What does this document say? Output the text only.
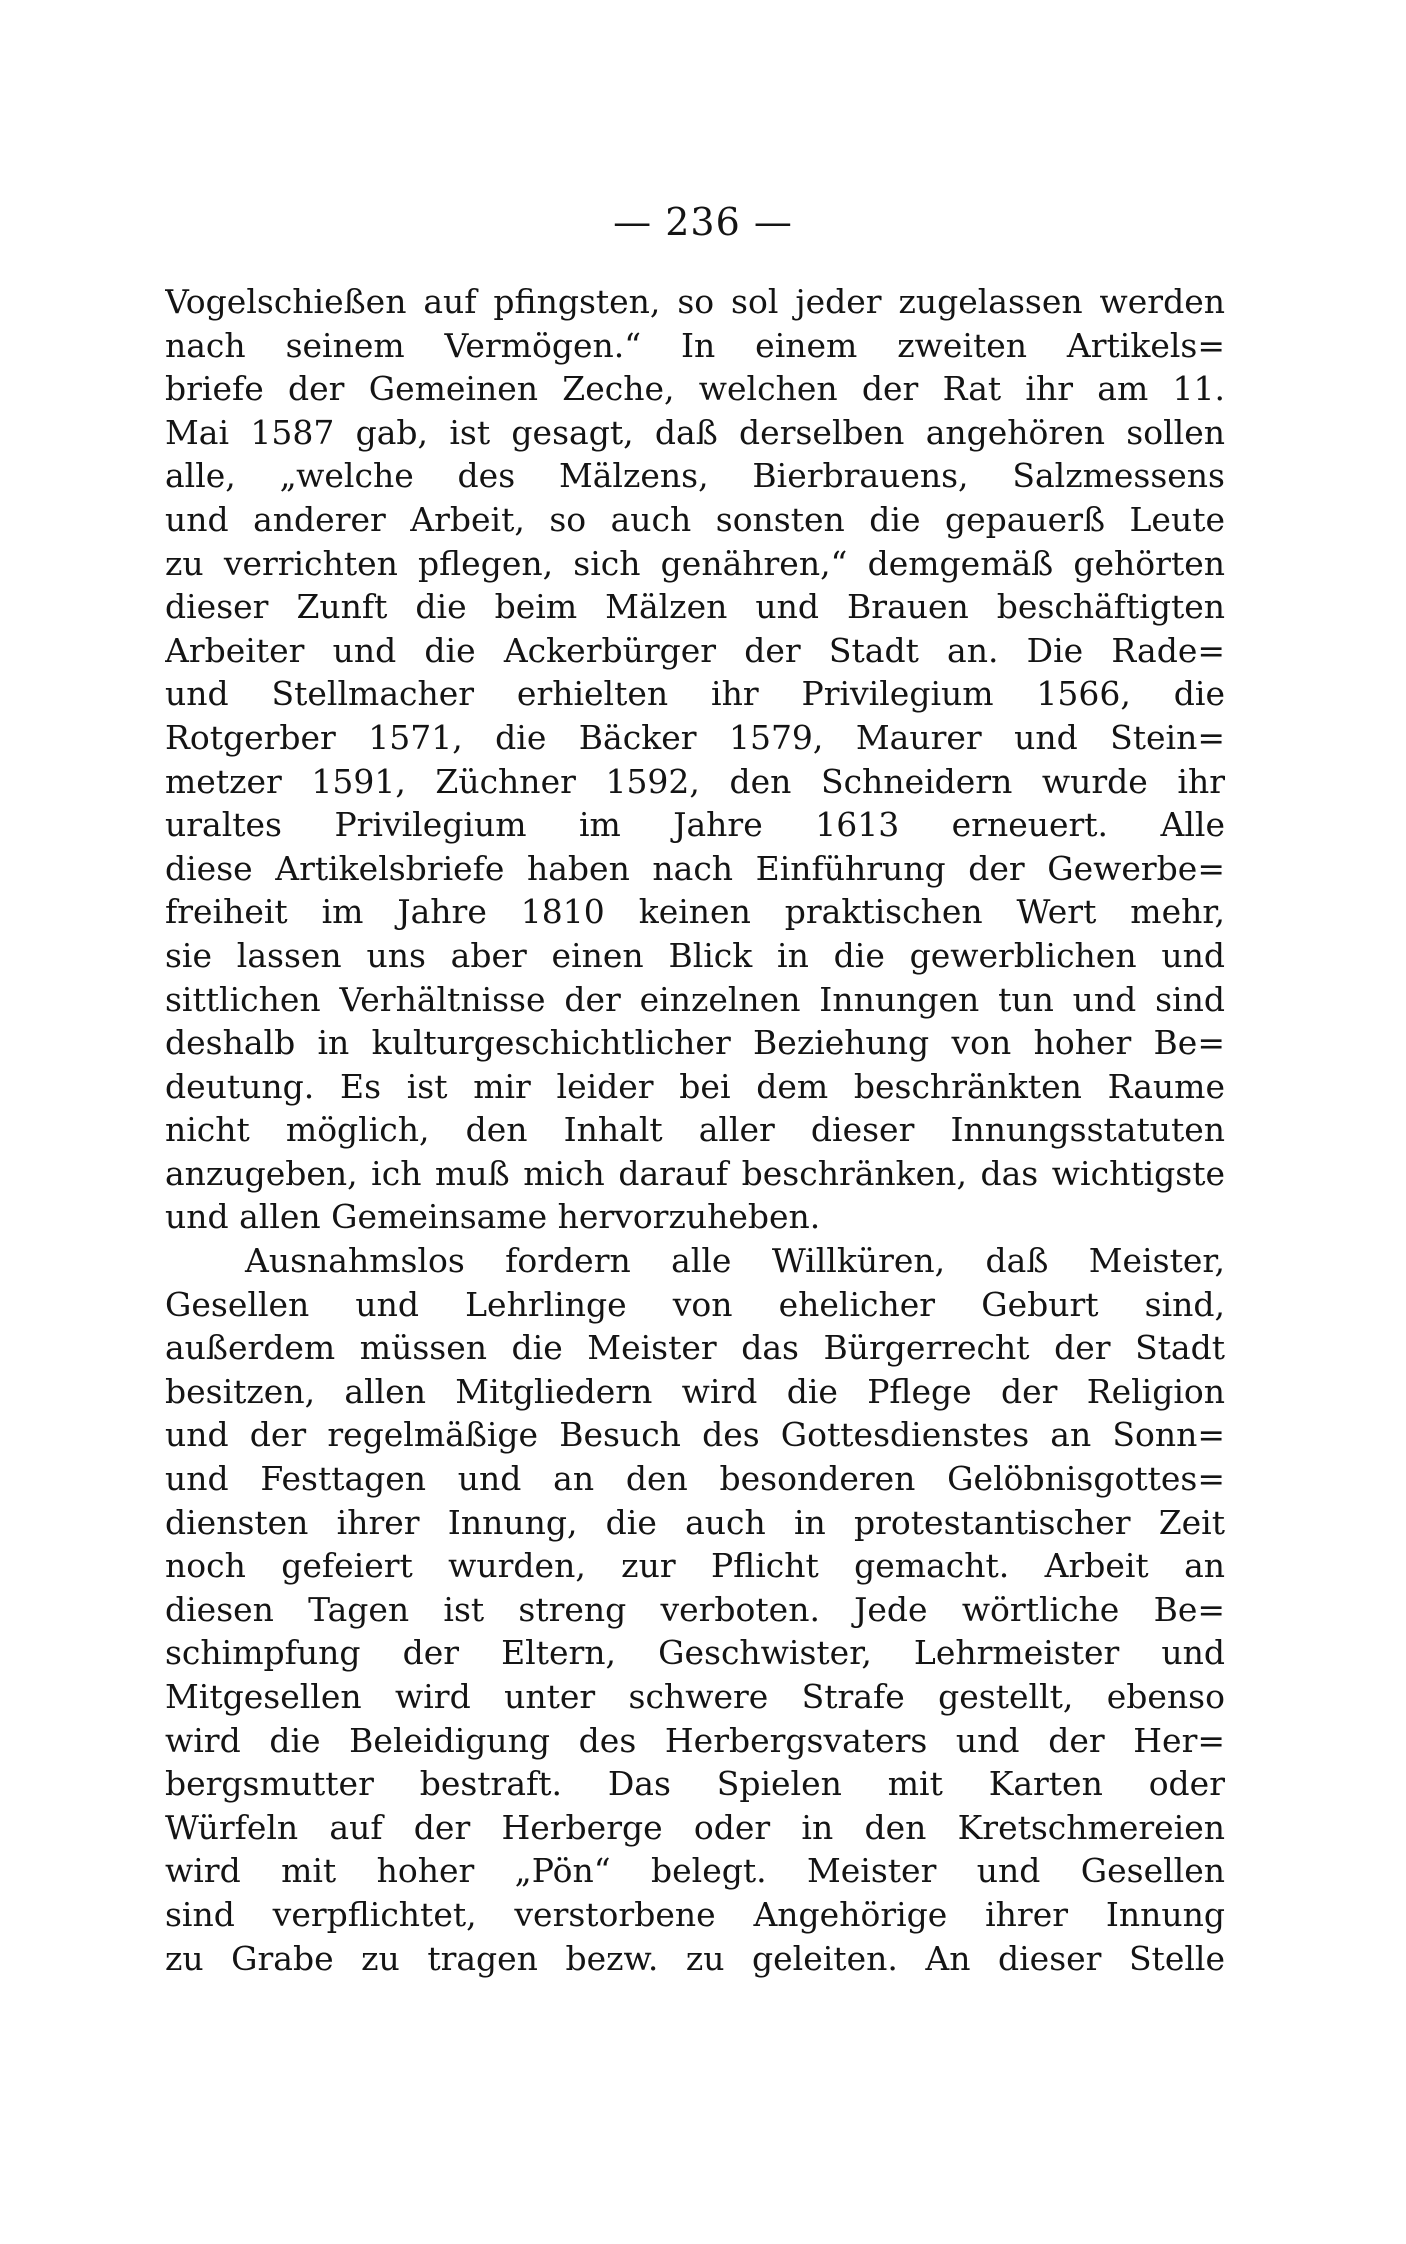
— 236 —
Vogelschießen auf pfingsten, so sol jeder zugelassen werden
nach seinem Vermögen.“ In einem zweiten Artikels=
briefe der Gemeinen Zeche, welchen der Rat ihr am 11.
Mai 1587 gab, ist gesagt, daß derselben angehören sollen
alle, „welche des Mälzens, Bierbrauens, Salzmessens
und anderer Arbeit, so auch sonsten die gepauerß Leute
zu verrichten pflegen, sich genähren,“ demgemäß gehörten
dieser Zunft die beim Mälzen und Brauen beschäftigten
Arbeiter und die Ackerbürger der Stadt an. Die Rade=
und Stellmacher erhielten ihr Privilegium 1566, die
Rotgerber 1571, die Bäcker 1579, Maurer und Stein=
metzer 1591, Züchner 1592, den Schneidern wurde ihr
uraltes Privilegium im Jahre 1613 erneuert. Alle
diese Artikelsbriefe haben nach Einführung der Gewerbe=
freiheit im Jahre 1810 keinen praktischen Wert mehr,
sie lassen uns aber einen Blick in die gewerblichen und
sittlichen Verhältnisse der einzelnen Innungen tun und sind
deshalb in kulturgeschichtlicher Beziehung von hoher Be=
deutung. Es ist mir leider bei dem beschränkten Raume
nicht möglich, den Inhalt aller dieser Innungsstatuten
anzugeben, ich muß mich darauf beschränken, das wichtigste
und allen Gemeinsame hervorzuheben.
Ausnahmslos fordern alle Willküren, daß Meister,
Gesellen und Lehrlinge von ehelicher Geburt sind,
außerdem müssen die Meister das Bürgerrecht der Stadt
besitzen, allen Mitgliedern wird die Pflege der Religion
und der regelmäßige Besuch des Gottesdienstes an Sonn=
und Festtagen und an den besonderen Gelöbnisgottes=
diensten ihrer Innung, die auch in protestantischer Zeit
noch gefeiert wurden, zur Pflicht gemacht. Arbeit an
diesen Tagen ist streng verboten. Jede wörtliche Be=
schimpfung der Eltern, Geschwister, Lehrmeister und
Mitgesellen wird unter schwere Strafe gestellt, ebenso
wird die Beleidigung des Herbergsvaters und der Her=
bergsmutter bestraft. Das Spielen mit Karten oder
Würfeln auf der Herberge oder in den Kretschmereien
wird mit hoher „Pön“ belegt. Meister und Gesellen
sind verpflichtet, verstorbene Angehörige ihrer Innung
zu Grabe zu tragen bezw. zu geleiten. An dieser Stelle
